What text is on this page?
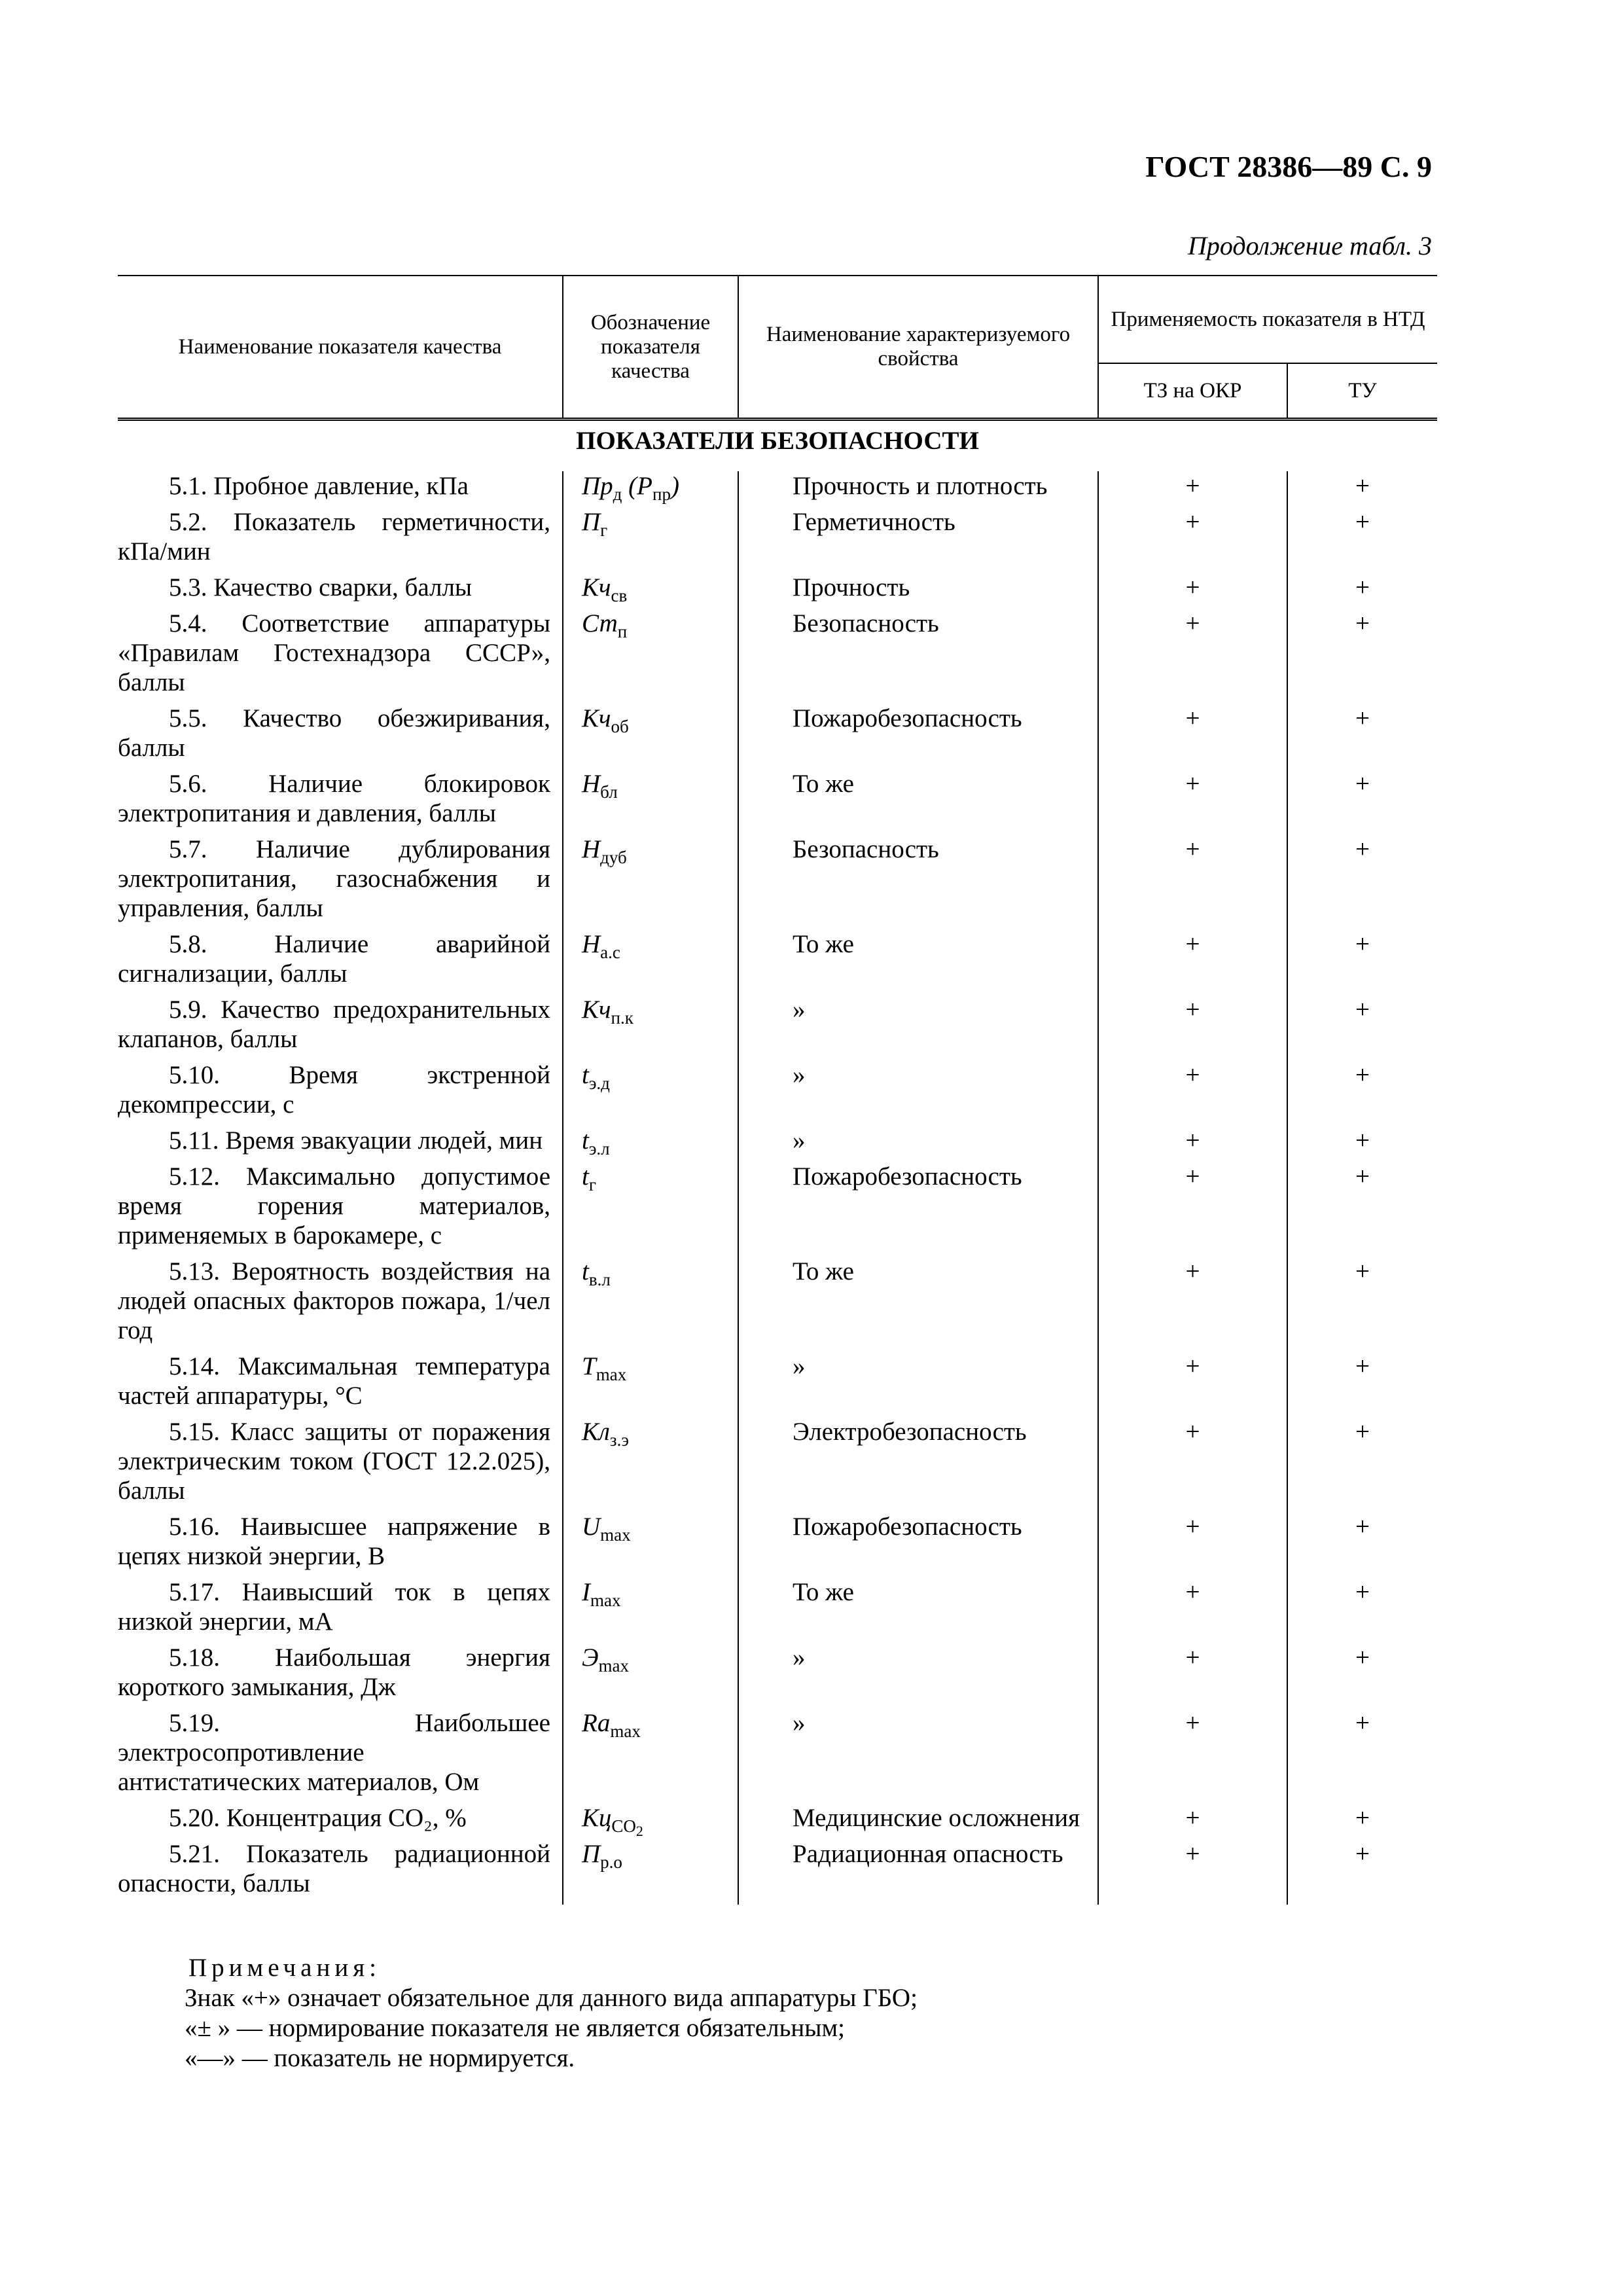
ГОСТ 28386—89 С. 9
Продолжение табл. 3
Наименование показателя качества	Обозначение показателя качества	Наименование характеризуемого свойства	Применяемость показателя в НТД	
			ТЗ на ОКР	ТУ
ПОКАЗАТЕЛИ БЕЗОПАСНОСТИ				
5.1. Пробное давление, кПа	$Пр_д$ $(Р_{пр})$	Прочность и плотность	+	+
5.2. Показатель герметичности, кПа/мин	$П_г$	Герметичность	+	+
5.3. Качество сварки, баллы	$Кч_{св}$	Прочность	+	+
5.4. Соответствие аппаратуры «Правилам Гостехнадзора СССР», баллы	$Ст_п$	Безопасность	+	+
5.5. Качество обезжиривания, баллы	$Кч_{об}$	Пожаробезопасность	+	+
5.6. Наличие блокировок электропитания и давления, баллы	$Н_{бл}$	То же	+	+
5.7. Наличие дублирования электропитания, газоснабжения и управления, баллы	$Н_{дуб}$	Безопасность	+	+
5.8. Наличие аварийной сигнализации, баллы	$Н_{а.с}$	То же	+	+
5.9. Качество предохранительных клапанов, баллы	$Кч_{п.к}$	»	+	+
5.10. Время экстренной декомпрессии, с	$t_{э.д}$	»	+	+
5.11. Время эвакуации людей, мин	$t_{э.л}$	»	+	+
5.12. Максимально допустимое время горения материалов, применяемых в барокамере, с	$t_г$	Пожаробезопасность	+	+
5.13. Вероятность воздействия на людей опасных факторов пожара, 1/чел год	$t_{в.л}$	То же	+	+
5.14. Максимальная температура частей аппаратуры, °С	$T_{max}$	»	+	+
5.15. Класс защиты от поражения электрическим током (ГОСТ 12.2.025), баллы	$Кл_{з.э}$	Электробезопасность	+	+
5.16. Наивысшее напряжение в цепях низкой энергии, В	$U_{max}$	Пожаробезопасность	+	+
5.17. Наивысший ток в цепях низкой энергии, мА	$I_{max}$	То же	+	+
5.18. Наибольшая энергия короткого замыкания, Дж	$Э_{max}$	»	+	+
5.19. Наибольшее электросопротивление антистатических материалов, Ом	$Ra_{max}$	»	+	+
5.20. Концентрация CO₂, %	$Кц_{CO_2}$	Медицинские осложнения	+	+
5.21. Показатель радиационной опасности, баллы	$П_{р.о}$	Радиационная опасность	+	+
Примечания:
Знак «+» означает обязательное для данного вида аппаратуры ГБО;
«± » — нормирование показателя не является обязательным;
«—» — показатель не нормируется.
